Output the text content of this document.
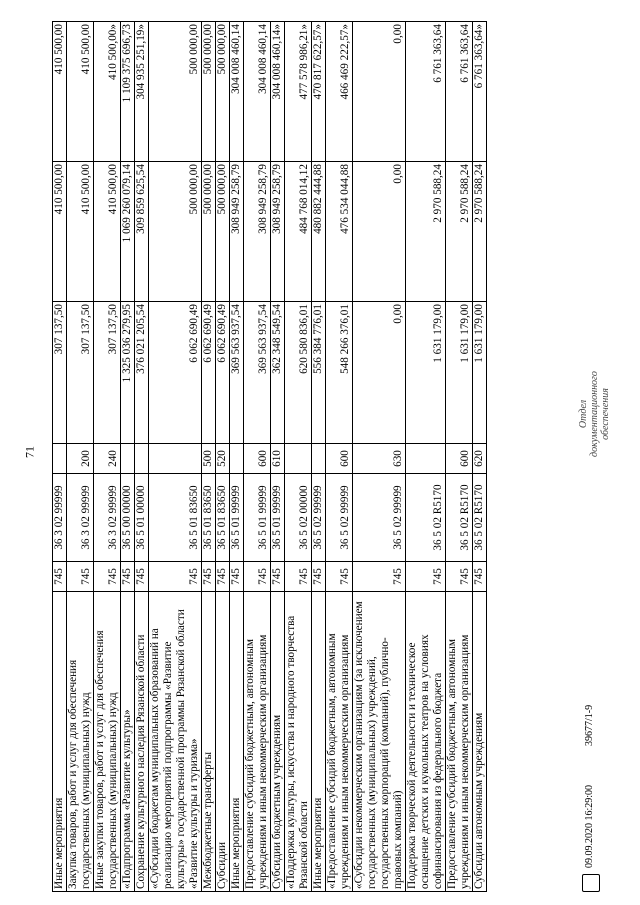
71
Иные мероприятия	745	36 3 02 99999		307 137,50	410 500,00	410 500,00
Закупка товаров, работ и услуг для обеспечения государственных (муниципальных) нужд	745	36 3 02 99999	200	307 137,50	410 500,00	410 500,00
Иные закупки товаров, работ и услуг для обеспечения государственных (муниципальных) нужд	745	36 3 02 99999	240	307 137,50	410 500,00	410 500,00»
«Подпрограмма «Развитие культуры»	745	36 5 00 00000		1 325 036 279,95	1 069 260 079,14	1 109 375 696,73
Сохранение культурного наследия Рязанской области	745	36 5 01 00000		376 021 205,54	309 859 625,54	304 935 251,19»
«Субсидии бюджетам муниципальных образований на реализацию мероприятий подпрограммы «Развитие культуры» государственной программы Рязанской области «Развитие культуры и туризма»	745	36 5 01 83650		6 062 690,49	500 000,00	500 000,00
Межбюджетные трансферты	745	36 5 01 83650	500	6 062 690,49	500 000,00	500 000,00
Субсидии	745	36 5 01 83650	520	6 062 690,49	500 000,00	500 000,00
Иные мероприятия	745	36 5 01 99999		369 563 937,54	308 949 258,79	304 008 460,14
Предоставление субсидий бюджетным, автономным учреждениям и иным некоммерческим организациям	745	36 5 01 99999	600	369 563 937,54	308 949 258,79	304 008 460,14
Субсидии бюджетным учреждениям	745	36 5 01 99999	610	362 348 549,54	308 949 258,79	304 008 460,14»
«Поддержка культуры, искусства и народного творчества Рязанской области	745	36 5 02 00000		620 580 836,01	484 768 014,12	477 578 986,21»
Иные мероприятия	745	36 5 02 99999		556 384 776,01	480 882 444,88	470 817 622,57»
«Предоставление субсидий бюджетным, автономным учреждениям и иным некоммерческим организациям	745	36 5 02 99999	600	548 266 376,01	476 534 044,88	466 469 222,57»
«Субсидии некоммерческим организациям (за исключением государственных (муниципальных) учреждений, государственных корпораций (компаний), публично-правовых компаний)	745	36 5 02 99999	630	0,00	0,00	0,00
Поддержка творческой деятельности и техническое оснащение детских и кукольных театров на условиях софинансирования из федерального бюджета	745	36 5 02 R5170		1 631 179,00	2 970 588,24	6 761 363,64
Предоставление субсидий бюджетным, автономным учреждениям и иным некоммерческим организациям	745	36 5 02 R5170	600	1 631 179,00	2 970 588,24	6 761 363,64
Субсидии автономным учреждениям	745	36 5 02 R5170	620	1 631 179,00	2 970 588,24	6 761 363,64»
09.09.2020 16:29:00
39677/1-9
Отдел документационного обеспечения
